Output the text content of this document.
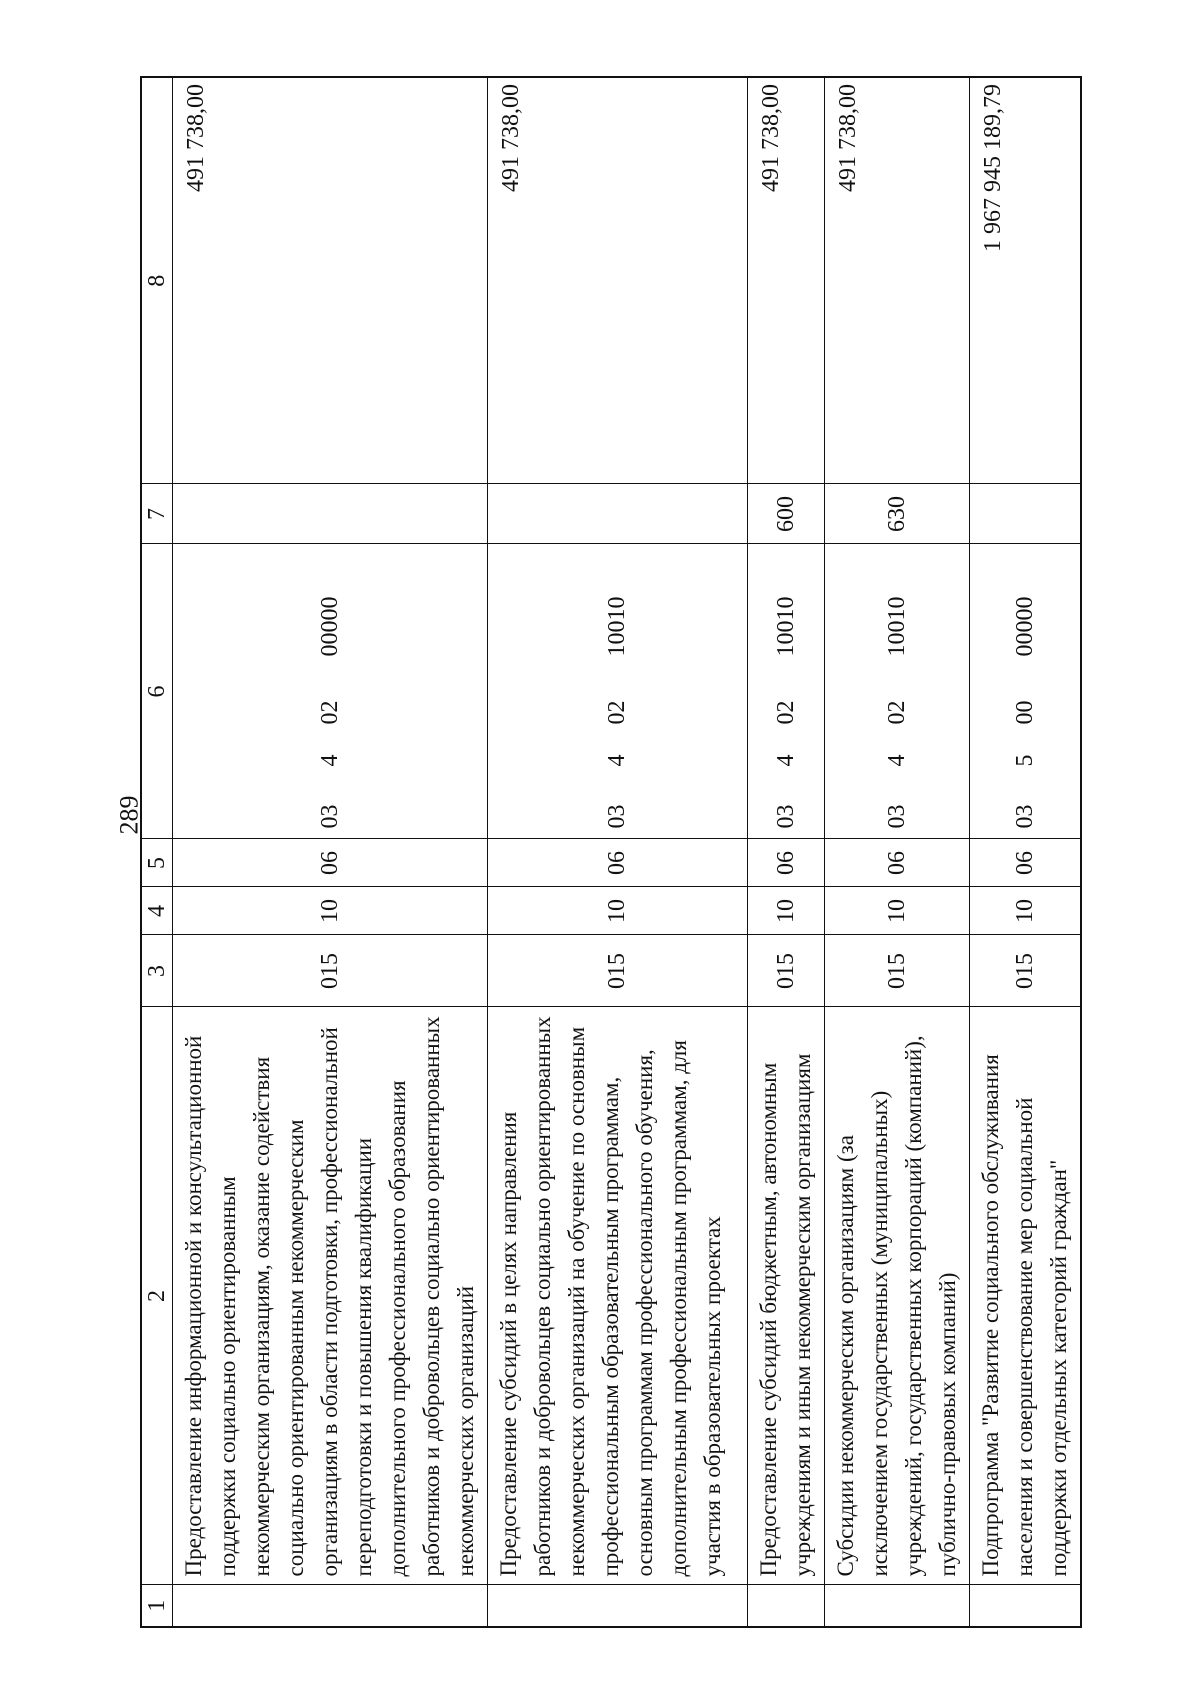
289
1	2	3	4	5	6	7	8
	Предоставление информационной и консультационной поддержки социально ориентированным некоммерческим организациям, оказание содействия социально ориентированным некоммерческим организациям в области подготовки, профессиональной переподготовки и повышения квалификации дополнительного профессионального образования работников и добровольцев социально ориентированных некоммерческих организаций	015	10	06	0340200000		491 738,00
	Предоставление субсидий в целях направления работников и добровольцев социально ориентированных некоммерческих организаций на обучение по основным профессиональным образовательным программам, основным программам профессионального обучения, дополнительным профессиональным программам, для участия в образовательных проектах	015	10	06	0340210010		491 738,00
	Предоставление субсидий бюджетным, автономным учреждениям и иным некоммерческим организациям	015	10	06	0340210010	600	491 738,00
	Субсидии некоммерческим организациям (за исключением государственных (муниципальных) учреждений, государственных корпораций (компаний), публично-правовых компаний)	015	10	06	0340210010	630	491 738,00
	Подпрограмма "Развитие социального обслуживания населения и совершенствование мер социальной поддержки отдельных категорий граждан"	015	10	06	0350000000		1 967 945 189,79
